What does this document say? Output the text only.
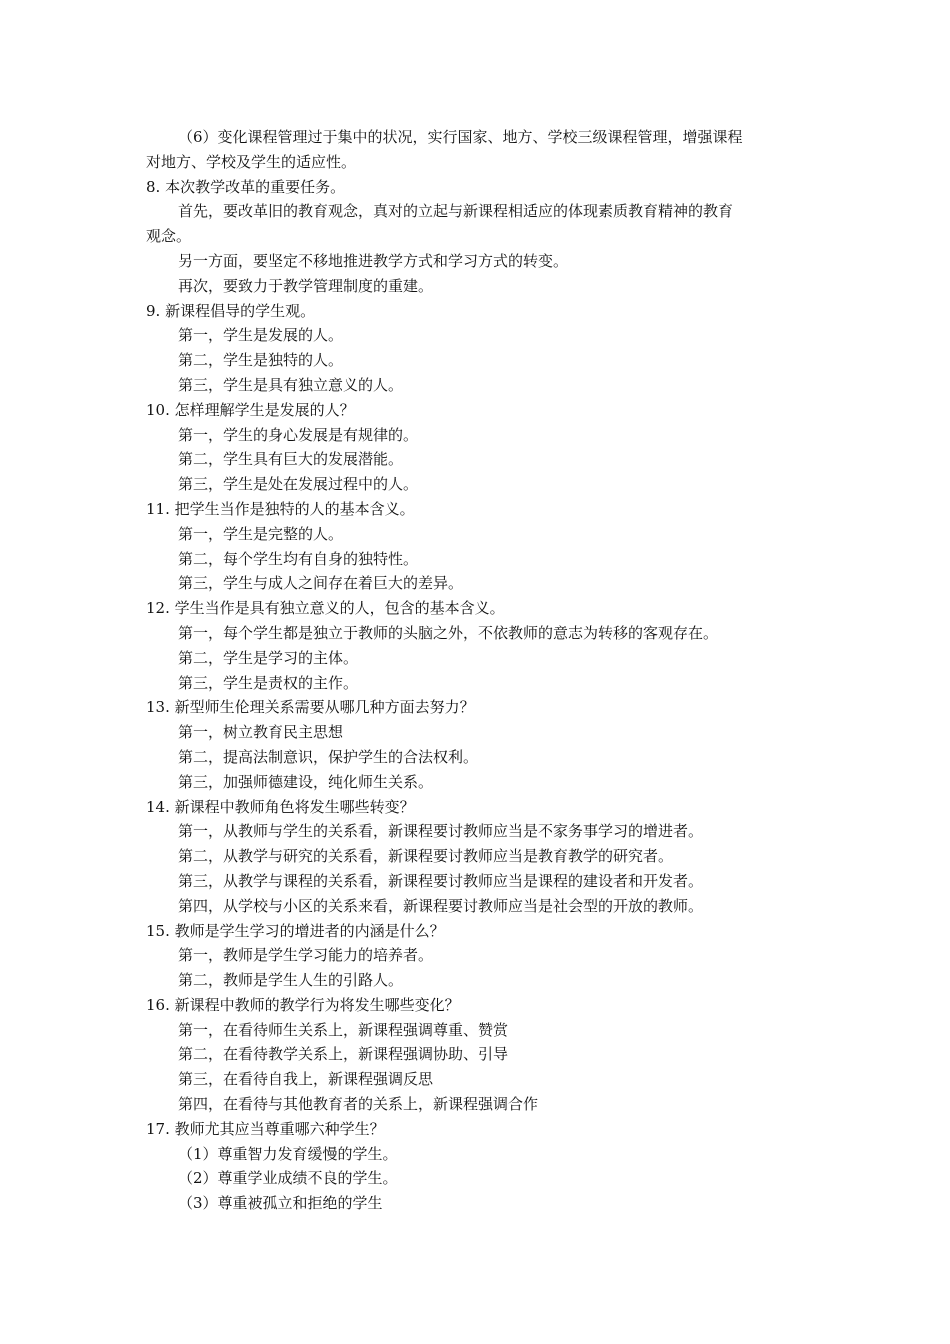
（6）变化课程管理过于集中的状况，实行国家、地方、学校三级课程管理，增强课程
对地方、学校及学生的适应性。
8. 本次教学改革的重要任务。
首先，要改革旧的教育观念，真对的立起与新课程相适应的体现素质教育精神的教育
观念。
另一方面，要坚定不移地推进教学方式和学习方式的转变。
再次，要致力于教学管理制度的重建。
9. 新课程倡导的学生观。
第一，学生是发展的人。
第二，学生是独特的人。
第三，学生是具有独立意义的人。
10. 怎样理解学生是发展的人？
第一，学生的身心发展是有规律的。
第二，学生具有巨大的发展潜能。
第三，学生是处在发展过程中的人。
11. 把学生当作是独特的人的基本含义。
第一，学生是完整的人。
第二，每个学生均有自身的独特性。
第三，学生与成人之间存在着巨大的差异。
12. 学生当作是具有独立意义的人，包含的基本含义。
第一，每个学生都是独立于教师的头脑之外，不依教师的意志为转移的客观存在。
第二，学生是学习的主体。
第三，学生是责权的主作。
13. 新型师生伦理关系需要从哪几种方面去努力？
第一，树立教育民主思想
第二，提高法制意识，保护学生的合法权利。
第三，加强师德建设，纯化师生关系。
14. 新课程中教师角色将发生哪些转变？
第一，从教师与学生的关系看，新课程要讨教师应当是不家务事学习的增进者。
第二，从教学与研究的关系看，新课程要讨教师应当是教育教学的研究者。
第三，从教学与课程的关系看，新课程要讨教师应当是课程的建设者和开发者。
第四，从学校与小区的关系来看，新课程要讨教师应当是社会型的开放的教师。
15. 教师是学生学习的增进者的内涵是什么？
第一，教师是学生学习能力的培养者。
第二，教师是学生人生的引路人。
16. 新课程中教师的教学行为将发生哪些变化？
第一，在看待师生关系上，新课程强调尊重、赞赏
第二，在看待教学关系上，新课程强调协助、引导
第三，在看待自我上，新课程强调反思
第四，在看待与其他教育者的关系上，新课程强调合作
17. 教师尤其应当尊重哪六种学生？
（1）尊重智力发育缓慢的学生。
（2）尊重学业成绩不良的学生。
（3）尊重被孤立和拒绝的学生
